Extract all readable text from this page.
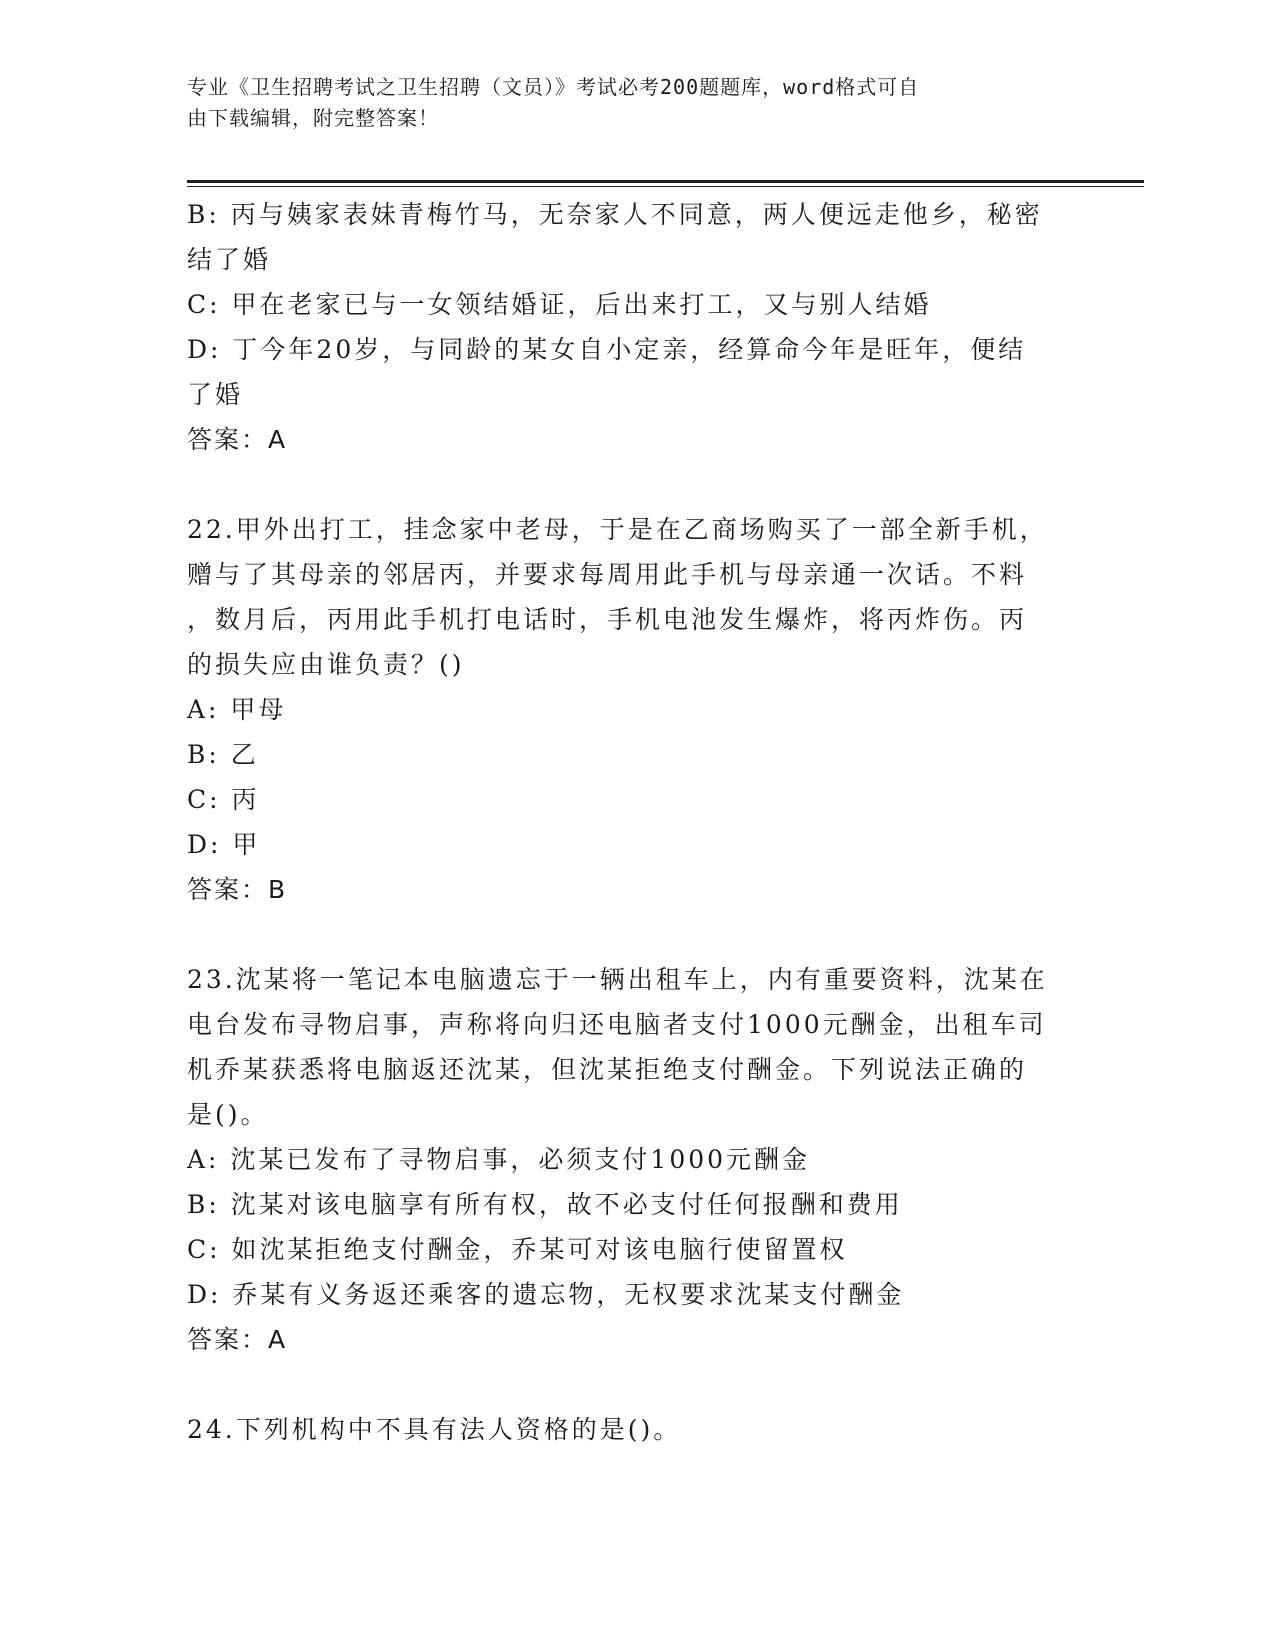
专业《卫生招聘考试之卫生招聘（文员）》考试必考200题题库，word格式可自
由下载编辑，附完整答案！
B: 丙与姨家表妹青梅竹马，无奈家人不同意，两人便远走他乡，秘密
结了婚
C: 甲在老家已与一女领结婚证，后出来打工，又与别人结婚
D: 丁今年20岁，与同龄的某女自小定亲，经算命今年是旺年，便结
了婚
答案：A
22.甲外出打工，挂念家中老母，于是在乙商场购买了一部全新手机，
赠与了其母亲的邻居丙，并要求每周用此手机与母亲通一次话。不料
，数月后，丙用此手机打电话时，手机电池发生爆炸，将丙炸伤。丙
的损失应由谁负责？()
A: 甲母
B: 乙
C: 丙
D: 甲
答案：B
23.沈某将一笔记本电脑遗忘于一辆出租车上，内有重要资料，沈某在
电台发布寻物启事，声称将向归还电脑者支付1000元酬金，出租车司
机乔某获悉将电脑返还沈某，但沈某拒绝支付酬金。下列说法正确的
是()。
A: 沈某已发布了寻物启事，必须支付1000元酬金
B: 沈某对该电脑享有所有权，故不必支付任何报酬和费用
C: 如沈某拒绝支付酬金，乔某可对该电脑行使留置权
D: 乔某有义务返还乘客的遗忘物，无权要求沈某支付酬金
答案：A
24.下列机构中不具有法人资格的是()。
